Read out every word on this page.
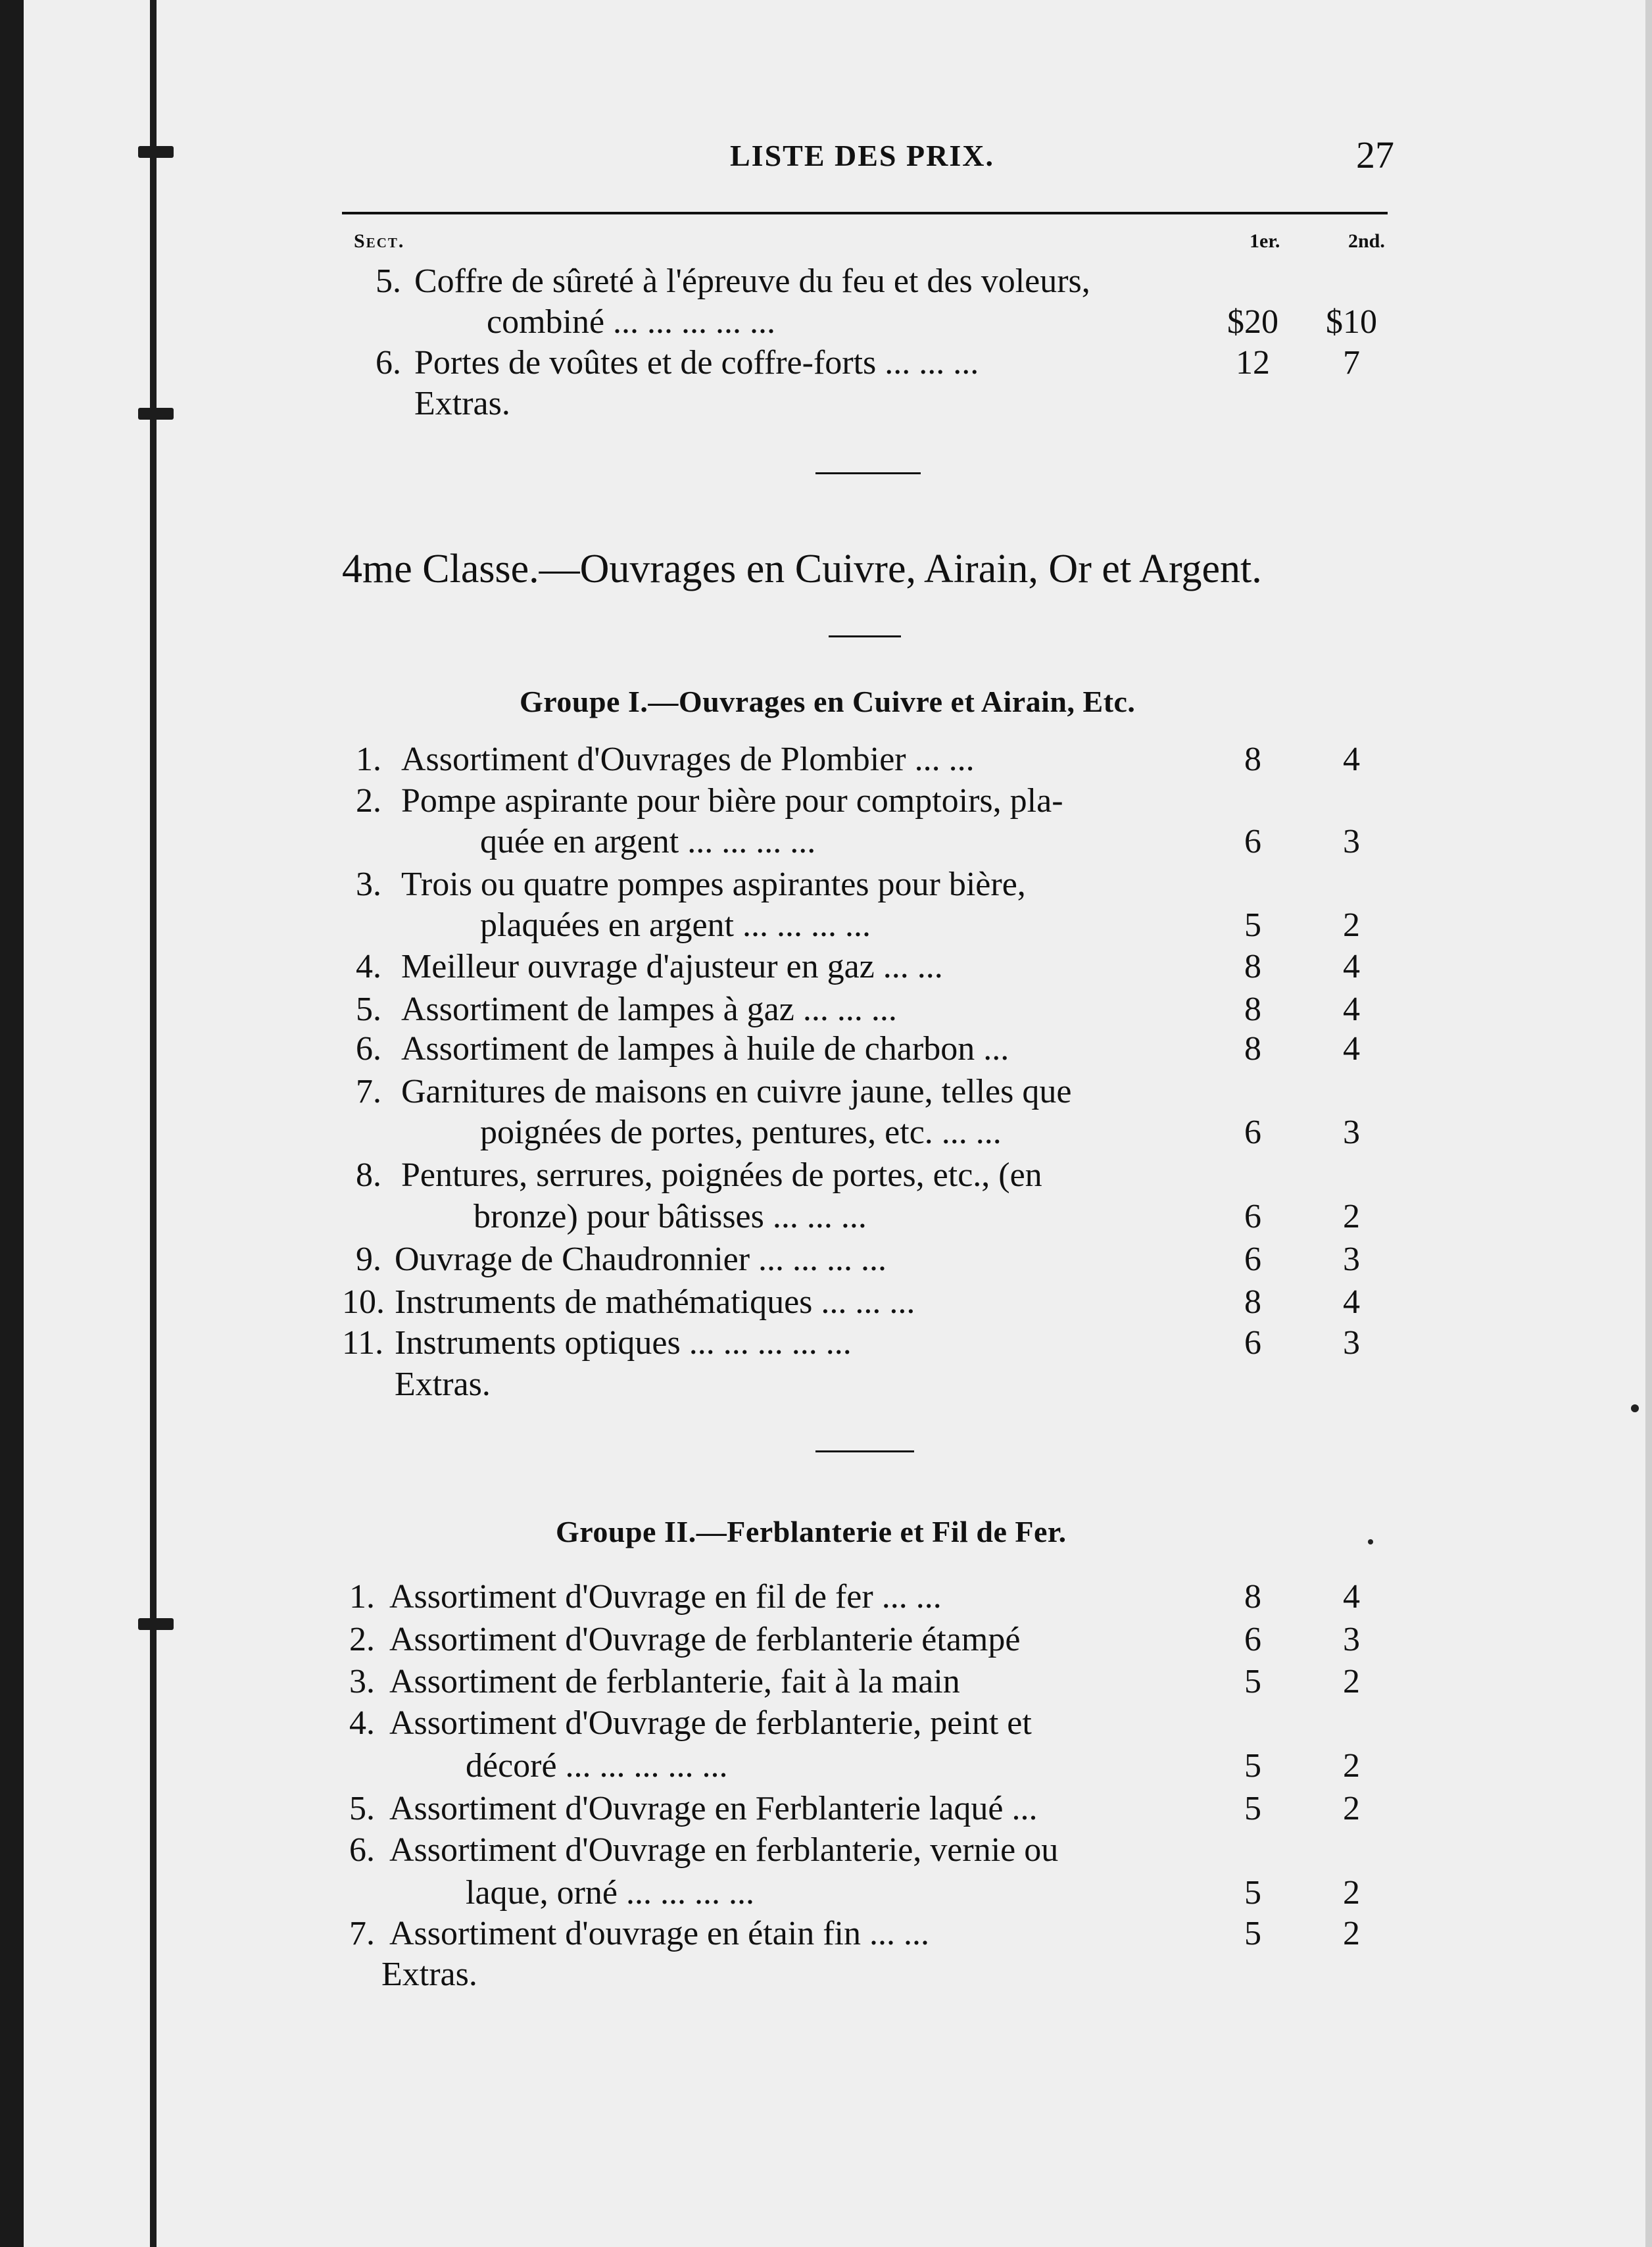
LISTE DES PRIX.	27
Sect.	1er.	2nd.
5. Coffre de sûreté à l'épreuve du feu et des voleurs,
combiné ... ... ... ... ...	$20 $10
6. Portes de voûtes et de coffre-forts ... ... ...	12	7
Extras.
4me Classe.—Ouvrages en Cuivre, Airain, Or et Argent.
Groupe I.—Ouvrages en Cuivre et Airain, Etc.
1. Assortiment d'Ouvrages de Plombier ... ...	8	4
2. Pompe aspirante pour bière pour comptoirs, pla-
quée en argent ... ... ... ...	6	3
3. Trois ou quatre pompes aspirantes pour bière,
plaquées en argent ... ... ... ...	5	2
4. Meilleur ouvrage d'ajusteur en gaz ... ...	8	4
5. Assortiment de lampes à gaz ... ... ...	8	4
6. Assortiment de lampes à huile de charbon ...	8	4
7. Garnitures de maisons en cuivre jaune, telles que
poignées de portes, pentures, etc. ... ...	6	3
8. Pentures, serrures, poignées de portes, etc., (en
bronze) pour bâtisses ... ... ...	6	2
9. Ouvrage de Chaudronnier ... ... ... ...	6	3
10. Instruments de mathématiques ... ... ...	8	4
11. Instruments optiques ... ... ... ... ...	6	3
Extras.
Groupe II.—Ferblanterie et Fil de Fer.
1. Assortiment d'Ouvrage en fil de fer ... ...	8	4
2. Assortiment d'Ouvrage de ferblanterie étampé	6	3
3. Assortiment de ferblanterie, fait à la main	5	2
4. Assortiment d'Ouvrage de ferblanterie, peint et
décoré ... ... ... ... ...	5	2
5. Assortiment d'Ouvrage en Ferblanterie laqué ...	5	2
6. Assortiment d'Ouvrage en ferblanterie, vernie ou
laque, orné ... ... ... ...	5	2
7. Assortiment d'ouvrage en étain fin ... ...	5	2
Extras.
